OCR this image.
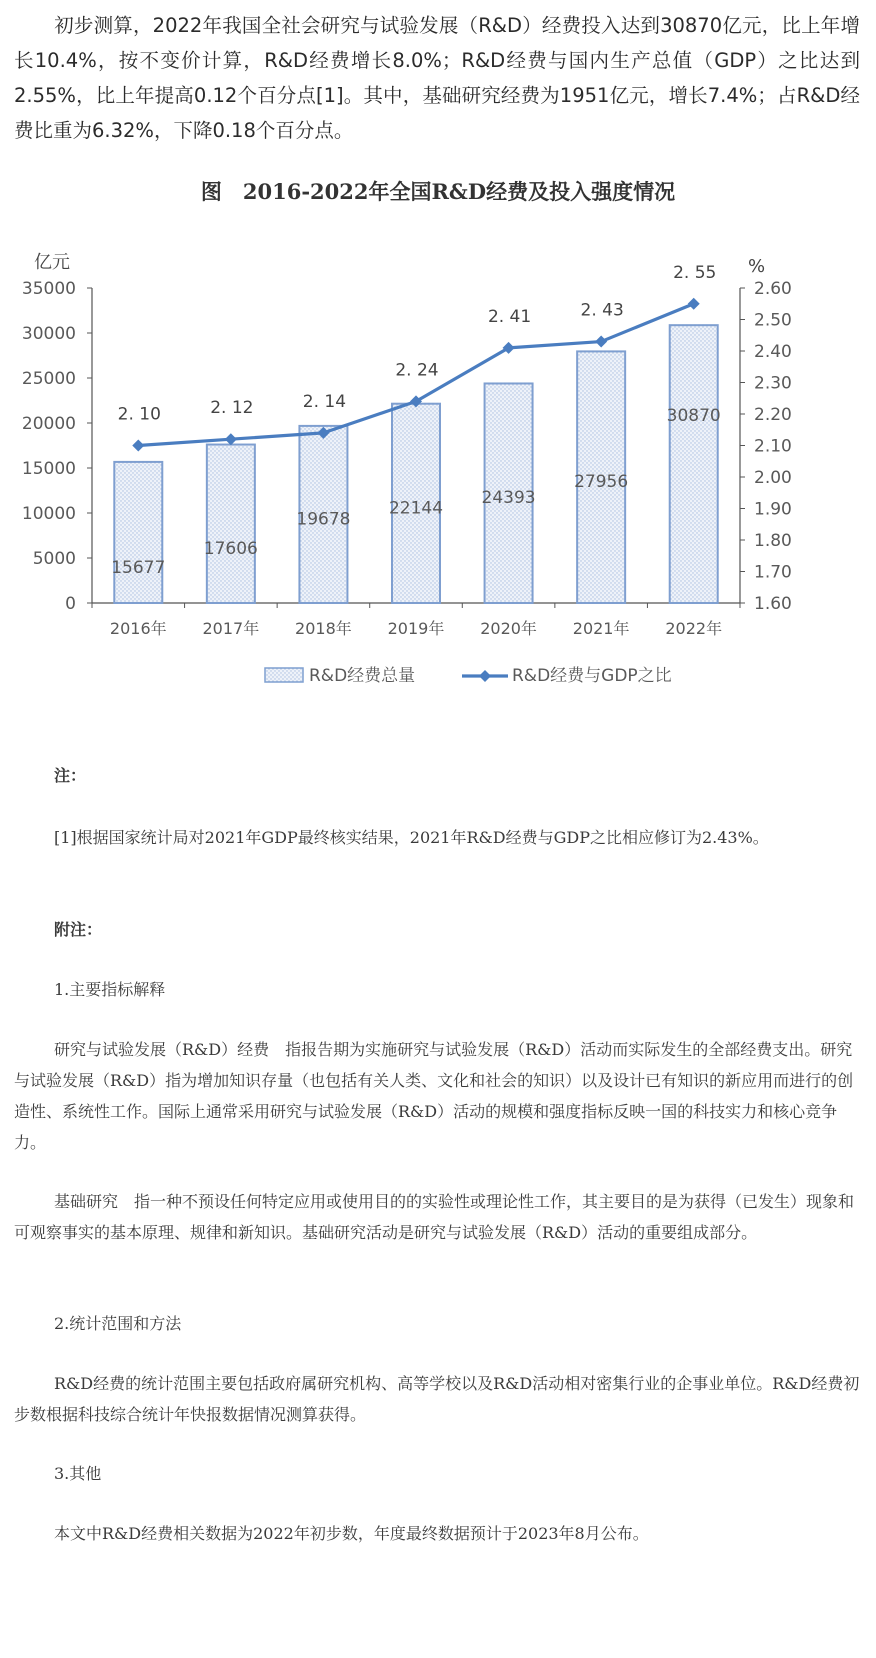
初步测算，2022年我国全社会研究与试验发展（R&D）经费投入达到30870亿元，比上年增长10.4%，按不变价计算，R&D经费增长8.0%；R&D经费与国内生产总值（GDP）之比达到2.55%，比上年提高0.12个百分点[1]。其中，基础研究经费为1951亿元，增长7.4%；占R&D经费比重为6.32%，下降0.18个百分点。

图　2016-2022年全国R&D经费及投入强度情况
0
5000
10000
15000
20000
25000
30000
35000
1.60
1.70
1.80
1.90
2.00
2.10
2.20
2.30
2.40
2.50
2.60
亿元	%
2016年 2017年 2018年 2019年 2020年 2021年 2022年
15677
17606
19678
22144
24393
27956
30870
2. 10	2. 12	2. 14
2. 24
2. 41	2. 43
2. 55
R&D经费总量	R&D经费与GDP之比

注：

[1]根据国家统计局对2021年GDP最终核实结果，2021年R&D经费与GDP之比相应修订为2.43%。

附注：

1.主要指标解释

研究与试验发展（R&D）经费　指报告期为实施研究与试验发展（R&D）活动而实际发生的全部经费支出。研究与试验发展（R&D）指为增加知识存量（也包括有关人类、文化和社会的知识）以及设计已有知识的新应用而进行的创造性、系统性工作。国际上通常采用研究与试验发展（R&D）活动的规模和强度指标反映一国的科技实力和核心竞争力。

基础研究　指一种不预设任何特定应用或使用目的的实验性或理论性工作，其主要目的是为获得（已发生）现象和可观察事实的基本原理、规律和新知识。基础研究活动是研究与试验发展（R&D）活动的重要组成部分。

2.统计范围和方法

R&D经费的统计范围主要包括政府属研究机构、高等学校以及R&D活动相对密集行业的企事业单位。R&D经费初步数根据科技综合统计年快报数据情况测算获得。

3.其他

本文中R&D经费相关数据为2022年初步数，年度最终数据预计于2023年8月公布。
